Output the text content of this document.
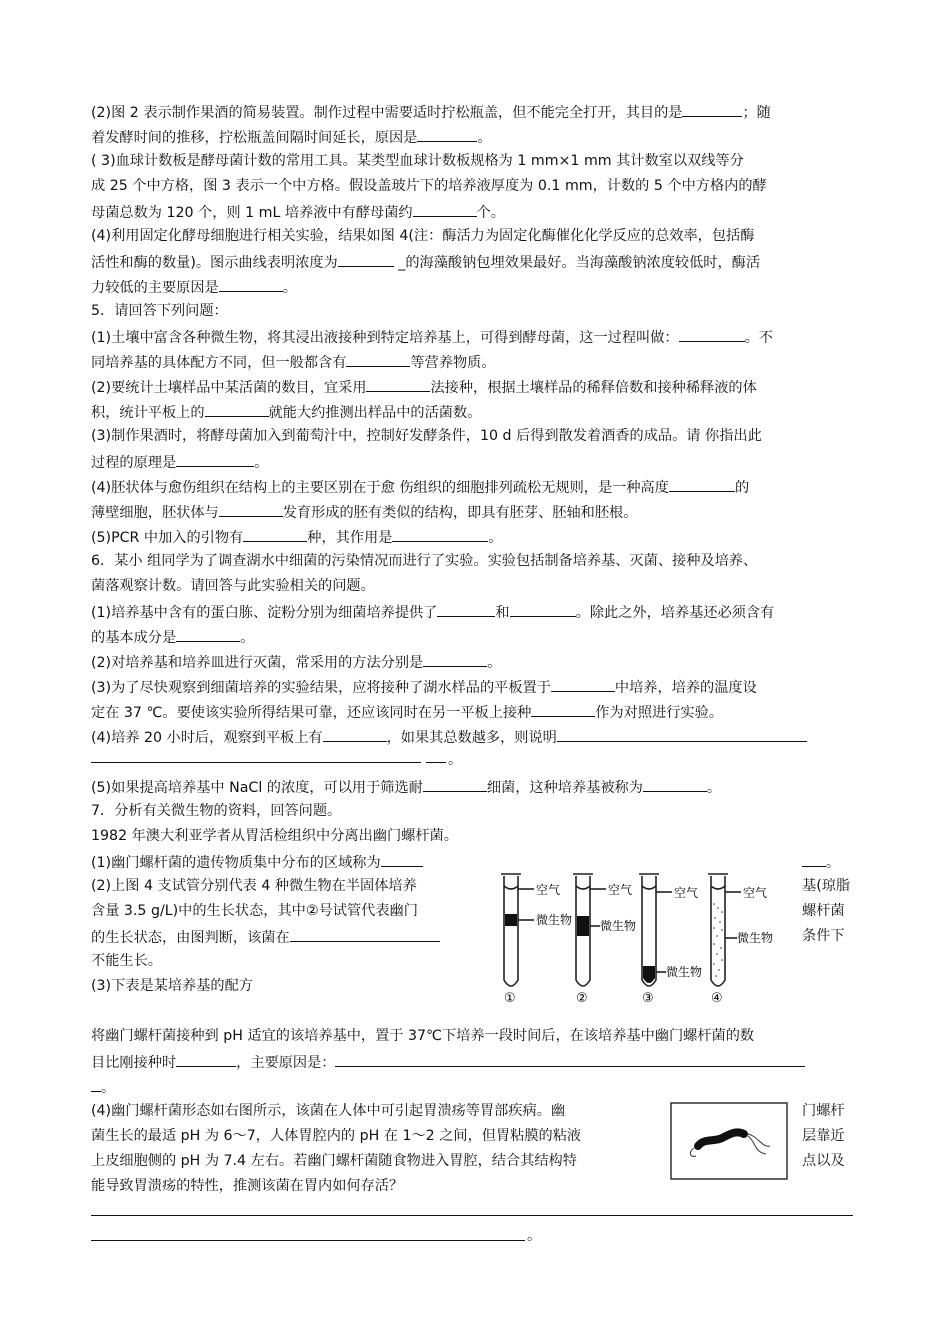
(2)图 2 表示制作果酒的简易装置。制作过程中需要适时拧松瓶盖，但不能完全打开，其目的是	；随
着发酵时间的推移，拧松瓶盖间隔时间延长，原因是	。
( 3)血球计数板是酵母菌计数的常用工具。某类型血球计数板规格为 1 mm×1 mm 其计数室以双线等分
成 25 个中方格，图 3 表示一个中方格。假设盖玻片下的培养液厚度为 0.1 mm，计数的 5 个中方格内的酵
母菌总数为 120 个，则 1 mL 培养液中有酵母菌约	个。
(4)利用固定化酵母细胞进行相关实验，结果如图 4(注：酶活力为固定化酶催化化学反应的总效率，包括酶
活性和酶的数量)。图示曲线表明浓度为	_的海藻酸钠包埋效果最好。当海藻酸钠浓度较低时，酶活
力较低的主要原因是	。
5．请回答下列问题：
(1)土壤中富含各种微生物，将其浸出液接种到特定培养基上，可得到酵母菌，这一过程叫做：	。不
同培养基的具体配方不同，但一般都含有	等营养物质。
(2)要统计土壤样品中某活菌的数目，宜采用	法接种，根据土壤样品的稀释倍数和接种稀释液的体
积，统计平板上的	就能大约推测出样品中的活菌数。
(3)制作果酒时，将酵母菌加入到葡萄汁中，控制好发酵条件，10 d 后得到散发着酒香的成品。请 你指出此
过程的原理是	。
(4)胚状体与愈伤组织在结构上的主要区别在于愈 伤组织的细胞排列疏松无规则，是一种高度	的
薄壁细胞，胚状体与	发育形成的胚有类似的结构，即具有胚芽、胚轴和胚根。
(5)PCR 中加入的引物有	种，其作用是	。
6．某小 组同学为了调查湖水中细菌的污染情况而进行了实验。实验包括制备培养基、灭菌、接种及培养、
菌落观察计数。请回答与此实验相关的问题。
(1)培养基中含有的蛋白胨、淀粉分别为细菌培养提供了	和	。除此之外，培养基还必须含有
的基本成分是	。
(2)对培养基和培养皿进行灭菌，常采用的方法分别是	。
(3)为了尽快观察到细菌培养的实验结果，应将接种了湖水样品的平板置于	中培养，培养的温度设
定在 37 ℃。要使该实验所得结果可靠，还应该同时在另一平板上接种	作为对照进行实验。
(4)培养 20 小时后，观察到平板上有	，如果其总数越多，则说明
。
(5)如果提高培养基中 NaCl 的浓度，可以用于筛选耐	细菌，这种培养基被称为	。
7．分析有关微生物的资料，回答问题。
1982 年澳大利亚学者从胃活检组织中分离出幽门螺杆菌。
(1)幽门螺杆菌的遗传物质集中分布的区域称为	。
(2)上图 4 支试管分别代表 4 种微生物在半固体培养	基(琼脂
含量 3.5 g/L)中的生长状态，其中②号试管代表幽门	螺杆菌
的生长状态，由图判断，该菌在	条件下
不能生长。
(3)下表是某培养基的配方
空气
微生物 微生物
空气	空气
微生物
空气
微生物
①	②	③	④
将幽门螺杆菌接种到 pH 适宜的该培养基中，置于 37℃下培养一段时间后，在该培养基中幽门螺杆菌的数
目比刚接种时	，主要原因是：
。
(4)幽门螺杆菌形态如右图所示，该菌在人体中可引起胃溃疡等胃部疾病。幽	门螺杆
菌生长的最适 pH 为 6～7，人体胃腔内的 pH 在 1～2 之间，但胃粘膜的粘液	层靠近
上皮细胞侧的 pH 为 7.4 左右。若幽门螺杆菌随食物进入胃腔，结合其结构特	点以及
能导致胃溃疡的特性，推测该菌在胃内如何存活？
。
